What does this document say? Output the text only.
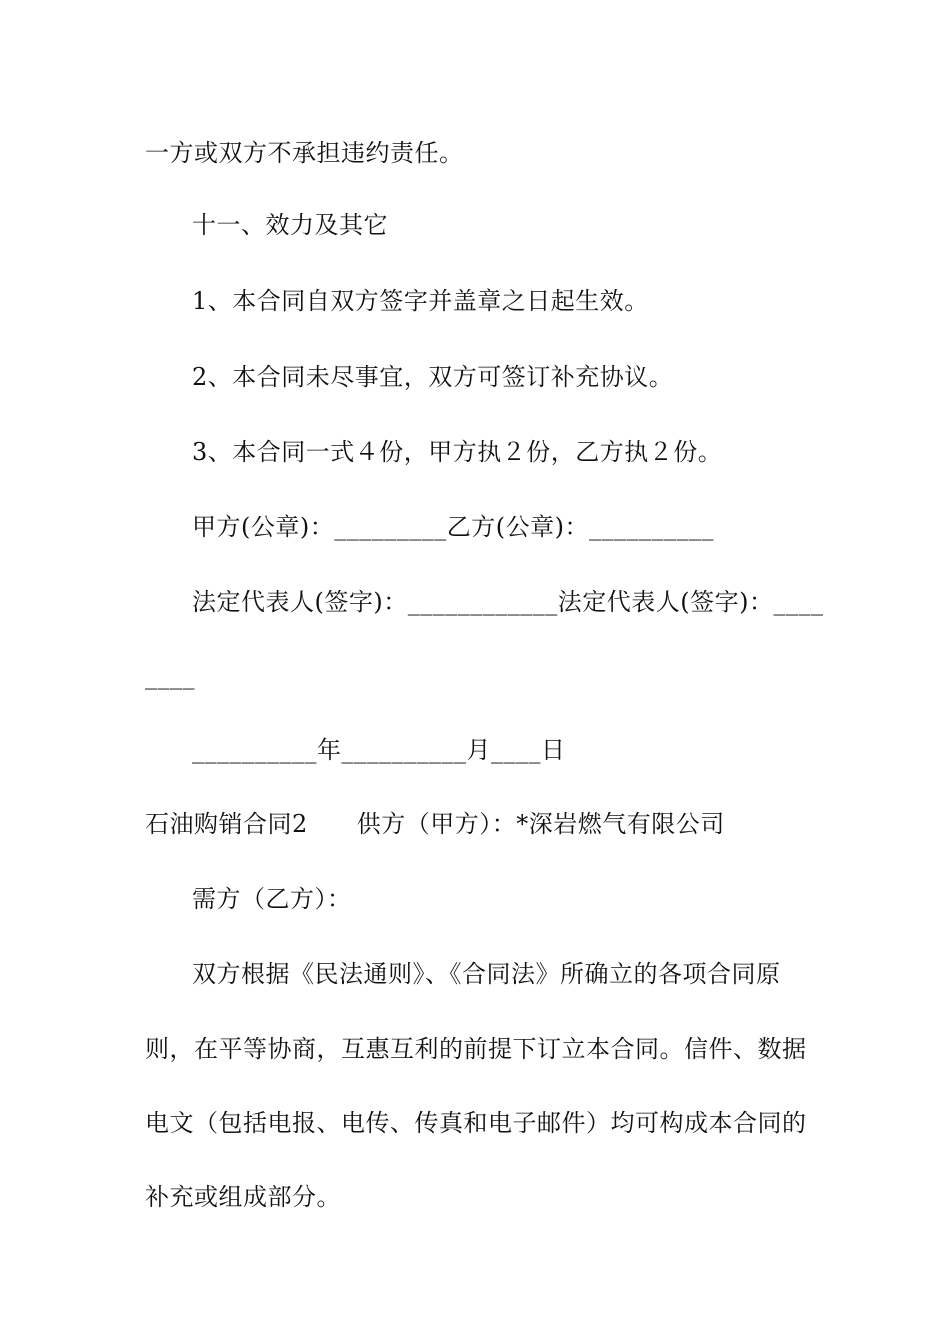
一方或双方不承担违约责任。
十一、效力及其它
1、本合同自双方签字并盖章之日起生效。
2、本合同未尽事宜，双方可签订补充协议。
3、本合同一式４份，甲方执２份，乙方执２份。
甲方(公章)：_________乙方(公章)：__________
法定代表人(签字)：____________法定代表人(签字)：____
____
__________年__________月____日
石油购销合同2　　供方（甲方）：*深岩燃气有限公司
需方（乙方）：
双方根据《民法通则》、《合同法》所确立的各项合同原
则，在平等协商，互惠互利的前提下订立本合同。信件、数据
电文（包括电报、电传、传真和电子邮件）均可构成本合同的
补充或组成部分。
